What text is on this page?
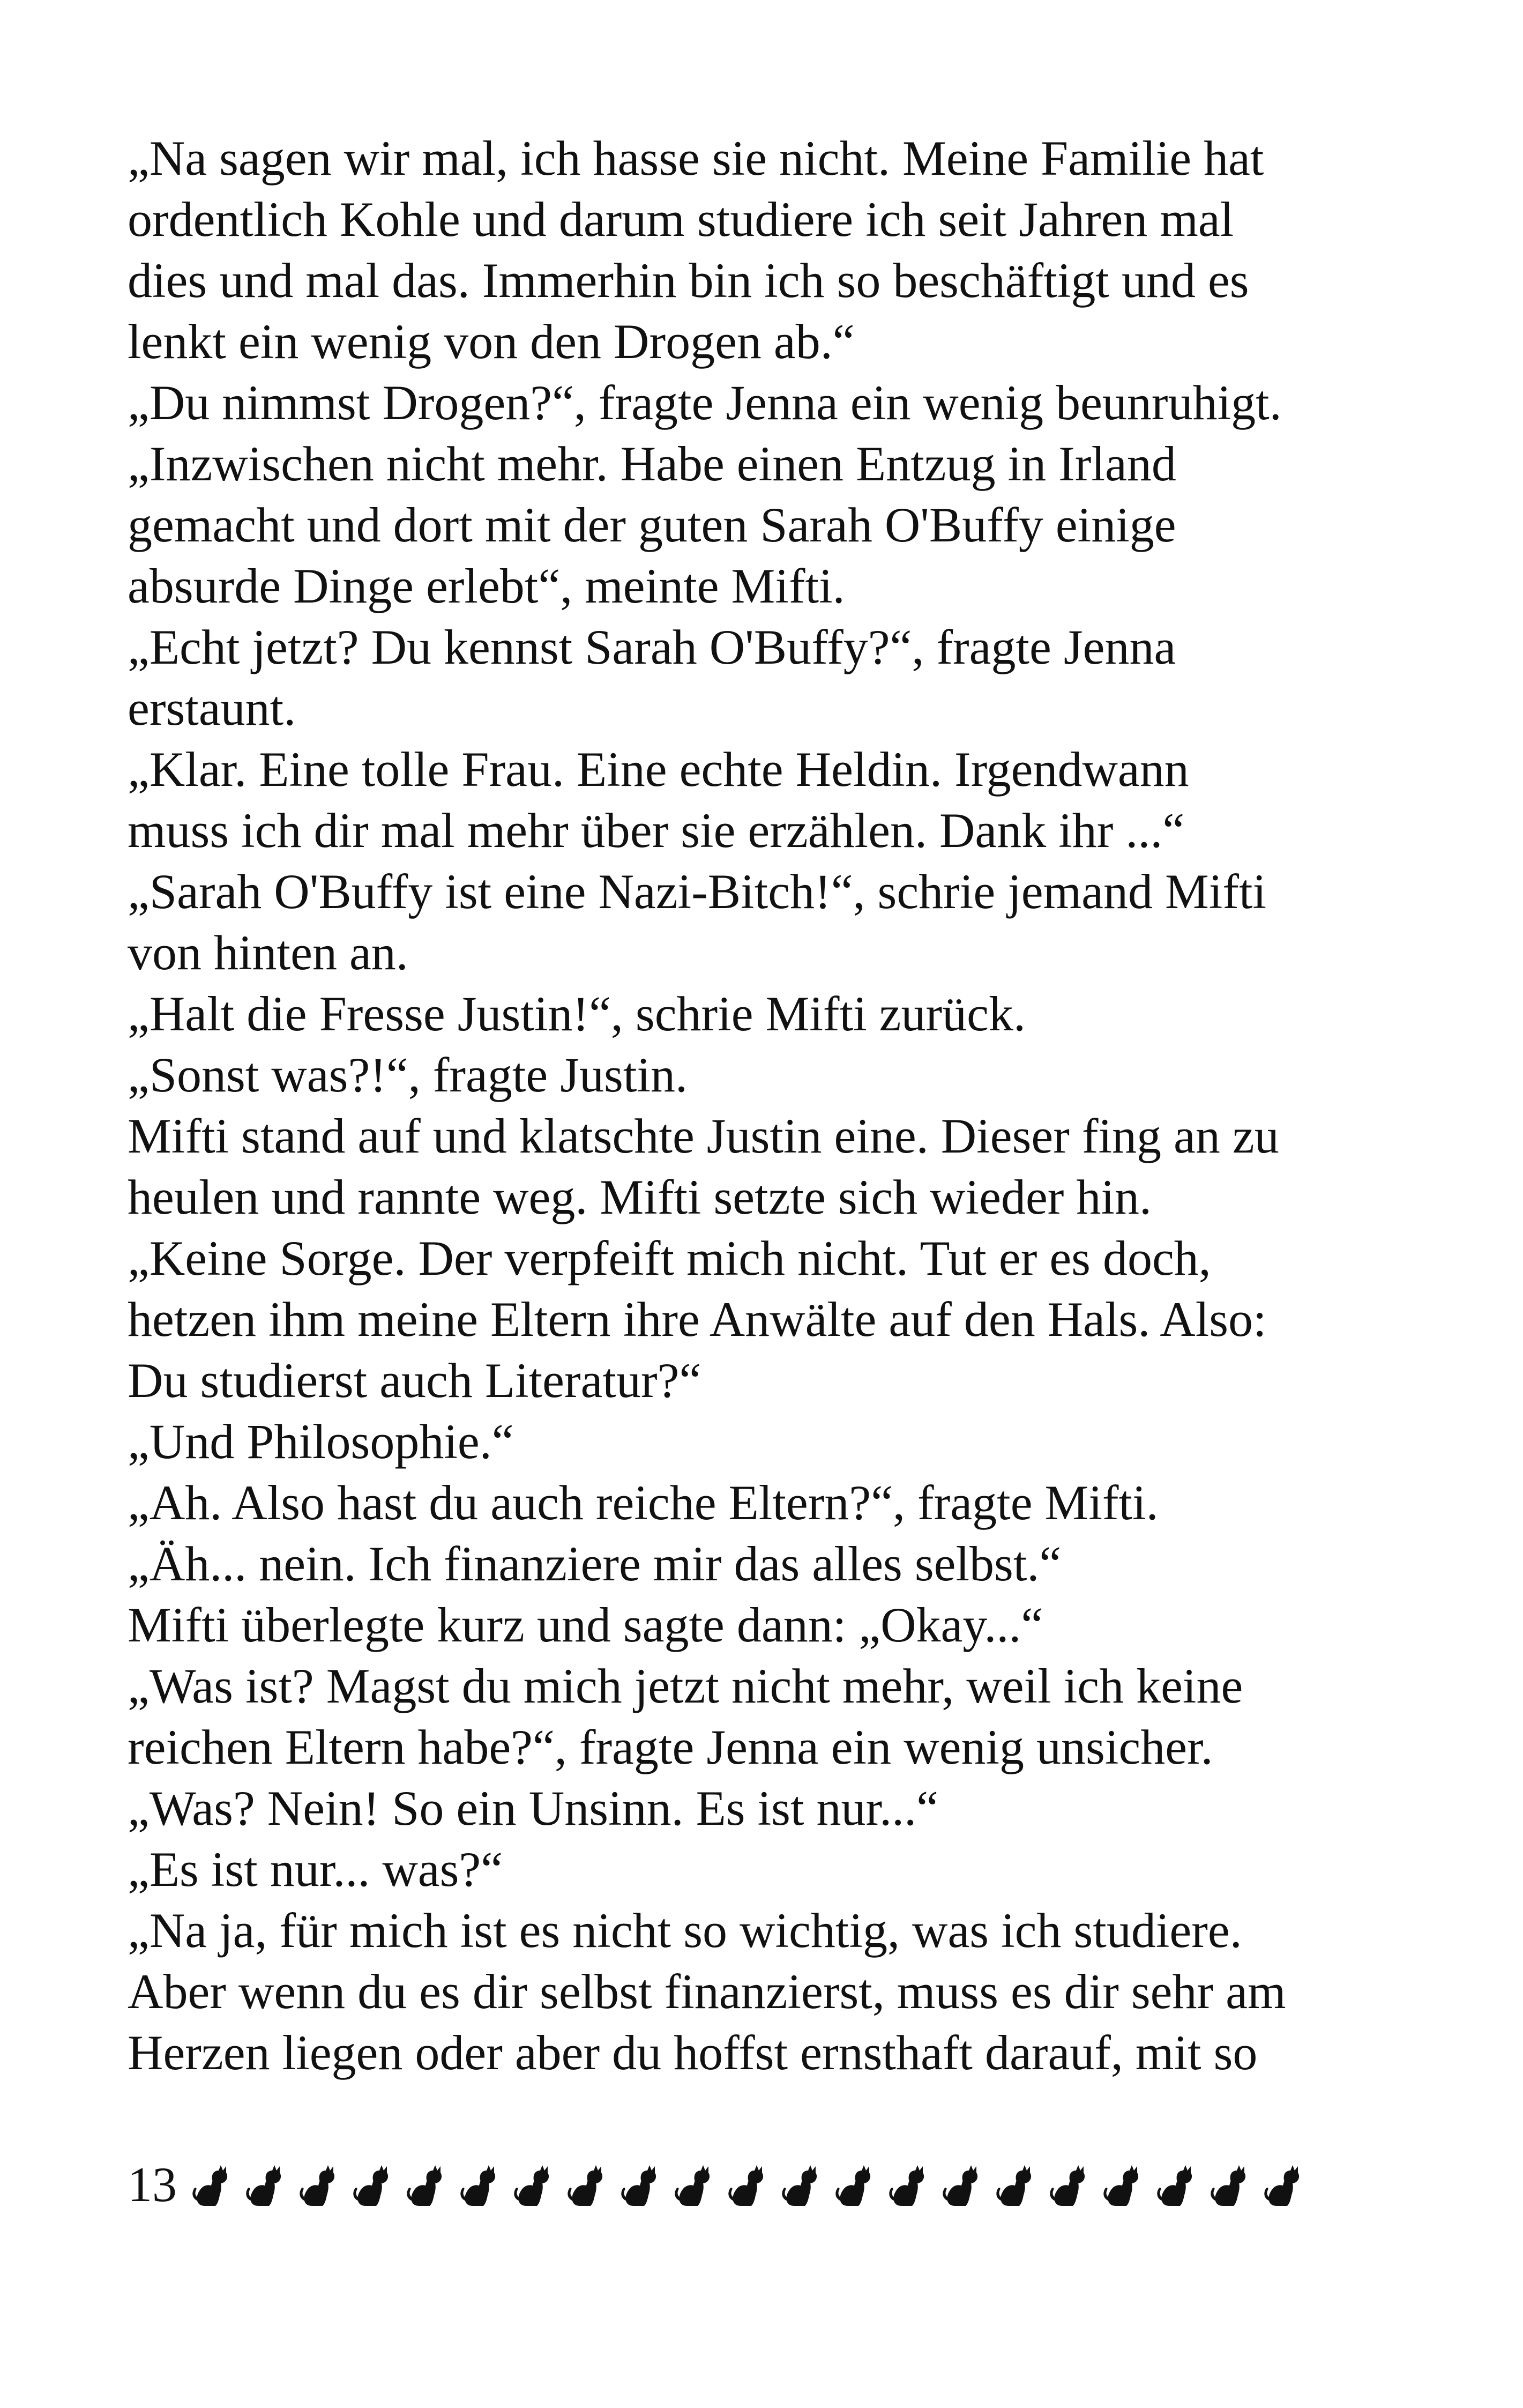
„Na sagen wir mal, ich hasse sie nicht. Meine Familie hat
ordentlich Kohle und darum studiere ich seit Jahren mal
dies und mal das. Immerhin bin ich so beschäftigt und es
lenkt ein wenig von den Drogen ab.“
„Du nimmst Drogen?“, fragte Jenna ein wenig beunruhigt.
„Inzwischen nicht mehr. Habe einen Entzug in Irland
gemacht und dort mit der guten Sarah O'Buffy einige
absurde Dinge erlebt“, meinte Mifti.
„Echt jetzt? Du kennst Sarah O'Buffy?“, fragte Jenna
erstaunt.
„Klar. Eine tolle Frau. Eine echte Heldin. Irgendwann
muss ich dir mal mehr über sie erzählen. Dank ihr ...“
„Sarah O'Buffy ist eine Nazi-Bitch!“, schrie jemand Mifti
von hinten an.
„Halt die Fresse Justin!“, schrie Mifti zurück.
„Sonst was?!“, fragte Justin.
Mifti stand auf und klatschte Justin eine. Dieser fing an zu
heulen und rannte weg. Mifti setzte sich wieder hin.
„Keine Sorge. Der verpfeift mich nicht. Tut er es doch,
hetzen ihm meine Eltern ihre Anwälte auf den Hals. Also:
Du studierst auch Literatur?“
„Und Philosophie.“
„Ah. Also hast du auch reiche Eltern?“, fragte Mifti.
„Äh... nein. Ich finanziere mir das alles selbst.“
Mifti überlegte kurz und sagte dann: „Okay...“
„Was ist? Magst du mich jetzt nicht mehr, weil ich keine
reichen Eltern habe?“, fragte Jenna ein wenig unsicher.
„Was? Nein! So ein Unsinn. Es ist nur...“
„Es ist nur... was?“
„Na ja, für mich ist es nicht so wichtig, was ich studiere.
Aber wenn du es dir selbst finanzierst, muss es dir sehr am
Herzen liegen oder aber du hoffst ernsthaft darauf, mit so
13
